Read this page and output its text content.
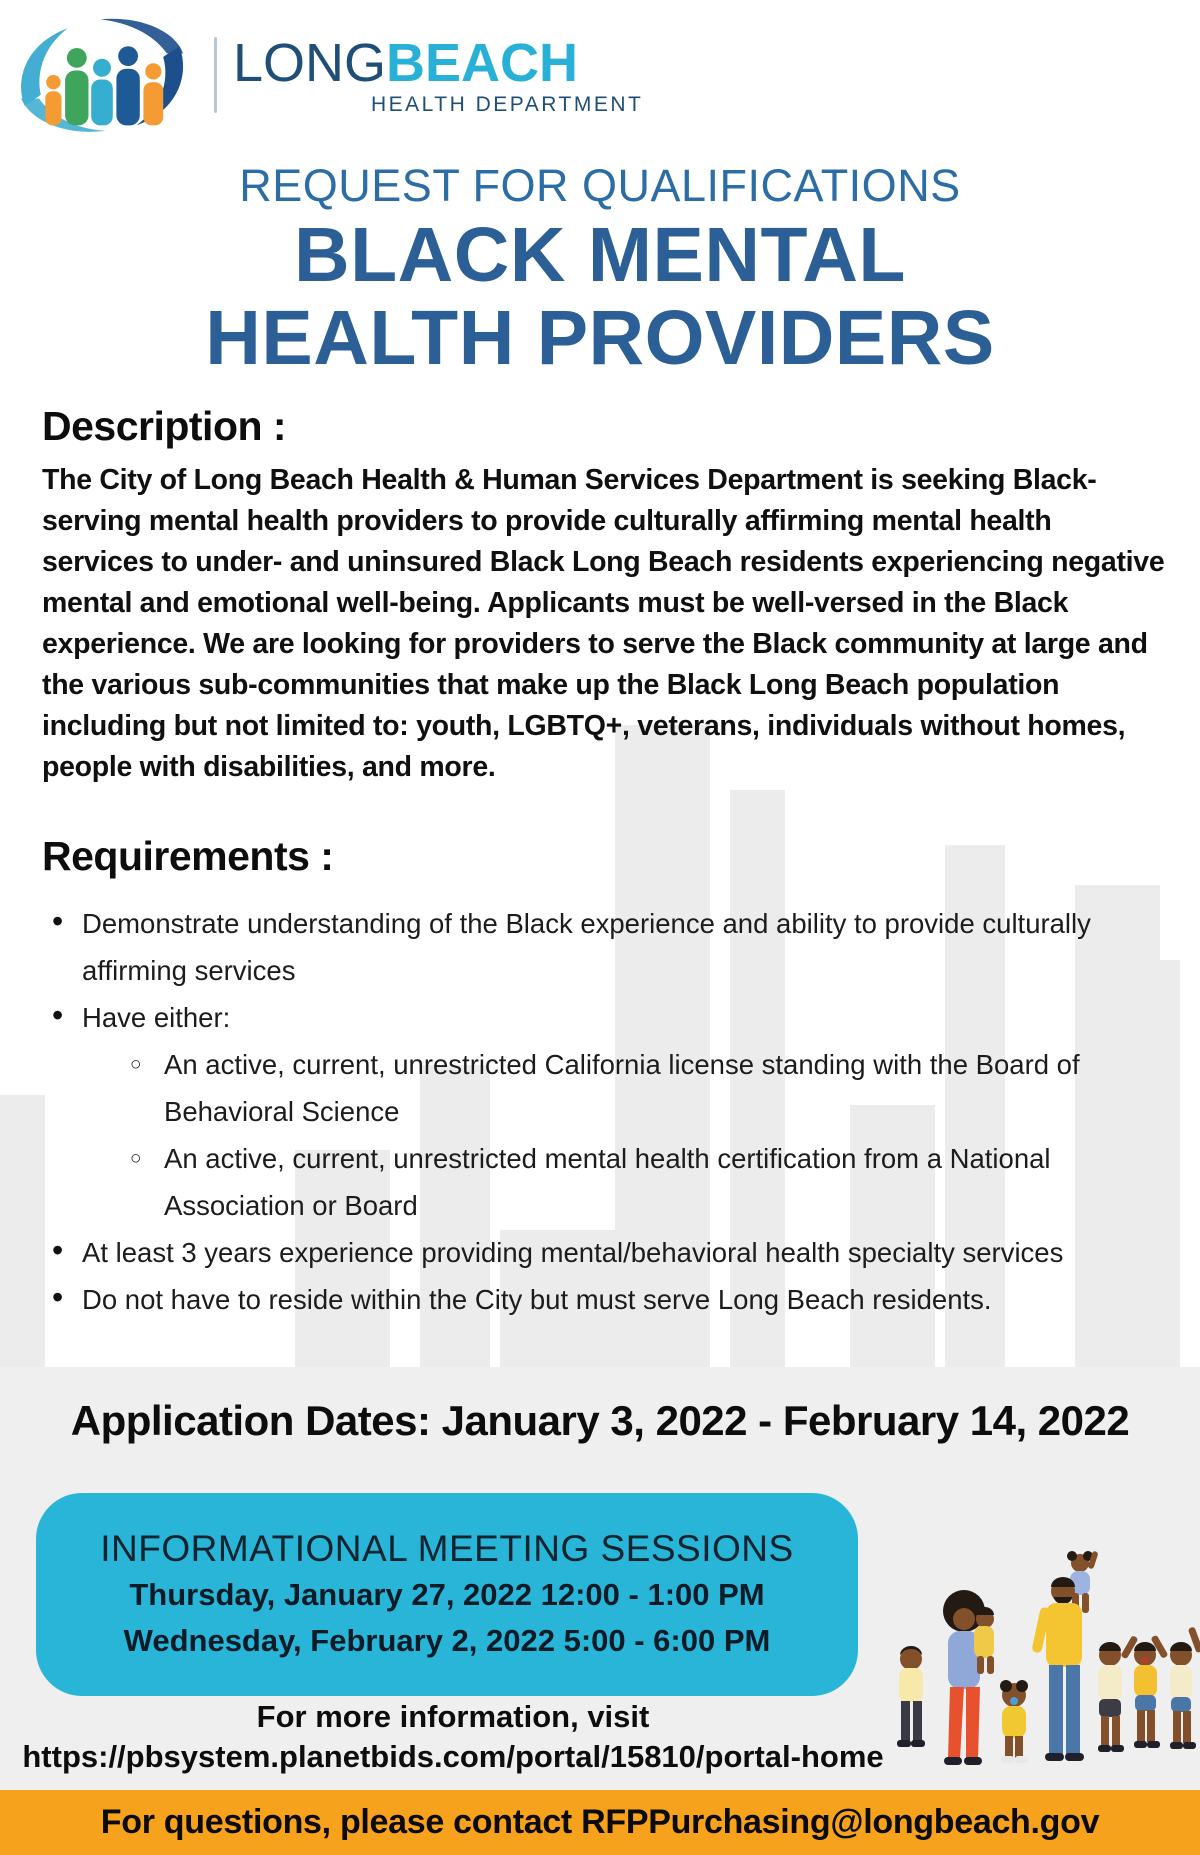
LONGBEACH
HEALTH DEPARTMENT
REQUEST FOR QUALIFICATIONS
BLACK MENTAL
HEALTH PROVIDERS
Description :

The City of Long Beach Health & Human Services Department is seeking Black-serving mental health providers to provide culturally affirming mental health services to under- and uninsured Black Long Beach residents experiencing negative mental and emotional well-being. Applicants must be well-versed in the Black experience. We are looking for providers to serve the Black community at large and the various sub-communities that make up the Black Long Beach population including but not limited to: youth, LGBTQ+, veterans, individuals without homes, people with disabilities, and more.

Requirements :
• Demonstrate understanding of the Black experience and ability to provide culturally affirming services
• Have either:
○ An active, current, unrestricted California license standing with the Board of Behavioral Science
○ An active, current, unrestricted mental health certification from a National Association or Board
• At least 3 years experience providing mental/behavioral health specialty services
• Do not have to reside within the City but must serve Long Beach residents.
Application Dates: January 3, 2022 - February 14, 2022
INFORMATIONAL MEETING SESSIONS
Thursday, January 27, 2022 12:00 - 1:00 PM
Wednesday, February 2, 2022 5:00 - 6:00 PM
For more information, visit
https://pbsystem.planetbids.com/portal/15810/portal-home
For questions, please contact RFPPurchasing@longbeach.gov
